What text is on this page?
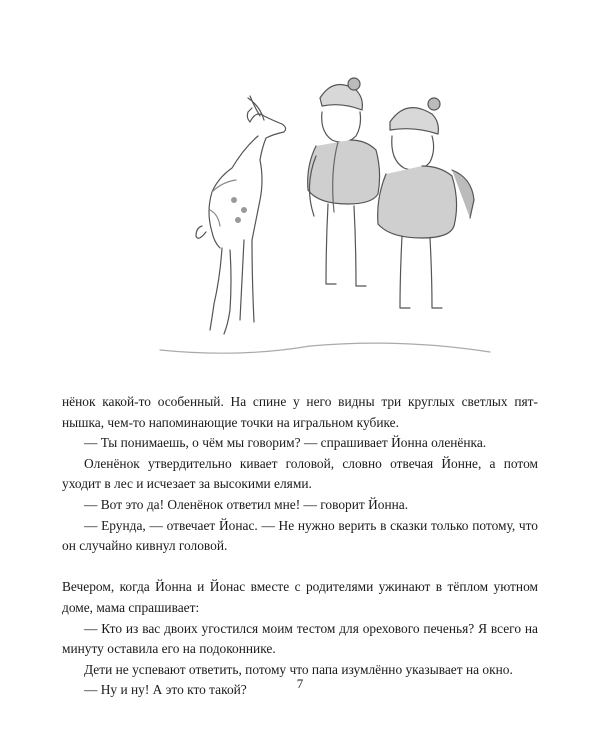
нёнок какой-то особенный. На спине у него видны три круглых светлых пятнышка, чем-то напоминающие точки на игральном кубике.

— Ты понимаешь, о чём мы говорим? — спрашивает Йонна оленёнка.

Оленёнок утвердительно кивает головой, словно отвечая Йонне, а потом уходит в лес и исчезает за высокими елями.

— Вот это да! Оленёнок ответил мне! — говорит Йонна.

— Ерунда, — отвечает Йонас. — Не нужно верить в сказки только потому, что он случайно кивнул головой.

Вечером, когда Йонна и Йонас вместе с родителями ужинают в тёплом уютном доме, мама спрашивает:

— Кто из вас двоих угостился моим тестом для орехового печенья? Я всего на минуту оставила его на подоконнике.

Дети не успевают ответить, потому что папа изумлённо указывает на окно.

— Ну и ну! А это кто такой?	7
